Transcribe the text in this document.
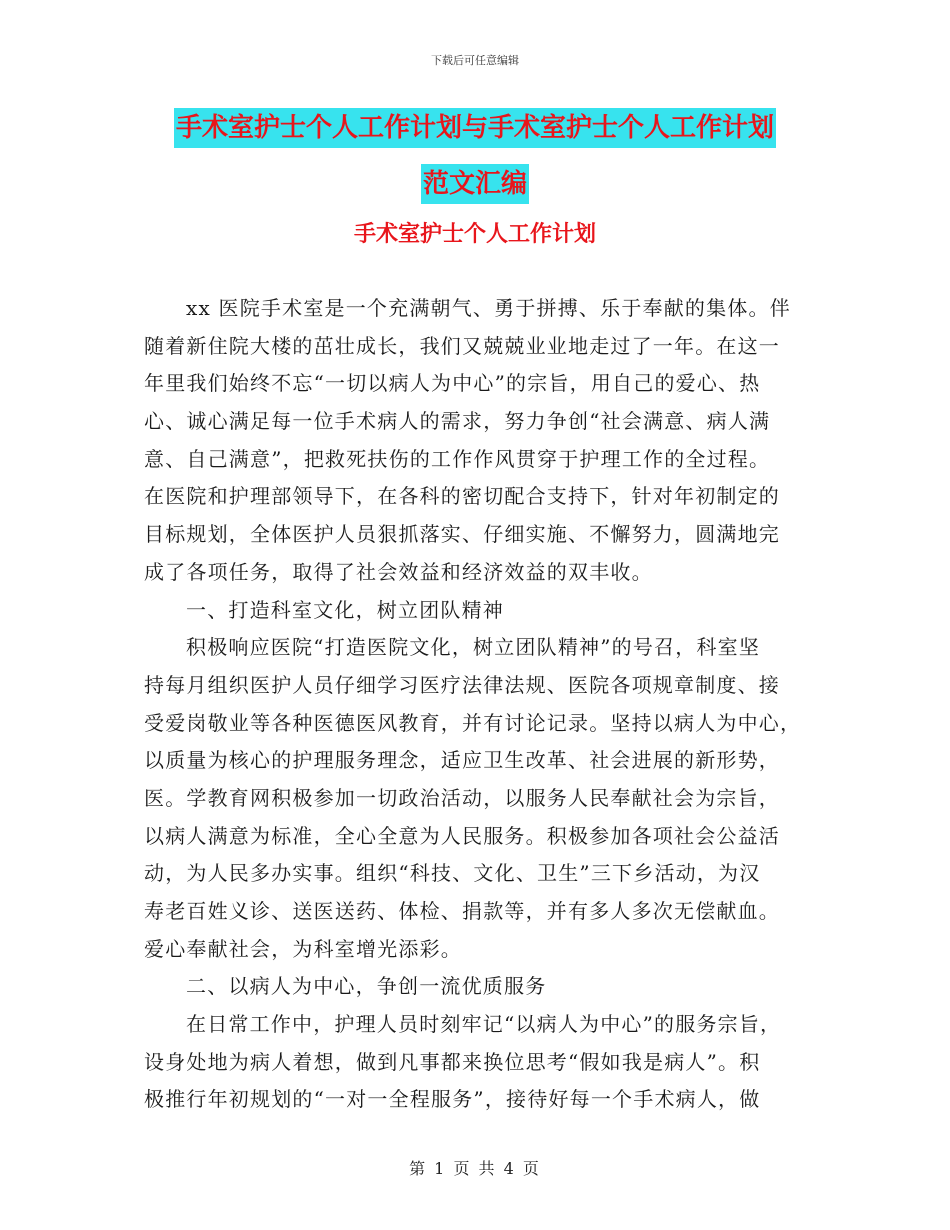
下载后可任意编辑
手术室护士个人工作计划与手术室护士个人工作计划
范文汇编
手术室护士个人工作计划
xx 医院手术室是一个充满朝气、勇于拼搏、乐于奉献的集体。伴
随着新住院大楼的茁壮成长，我们又兢兢业业地走过了一年。在这一
年里我们始终不忘“一切以病人为中心”的宗旨，用自己的爱心、热
心、诚心满足每一位手术病人的需求，努力争创“社会满意、病人满
意、自己满意”，把救死扶伤的工作作风贯穿于护理工作的全过程。
在医院和护理部领导下，在各科的密切配合支持下，针对年初制定的
目标规划，全体医护人员狠抓落实、仔细实施、不懈努力，圆满地完
成了各项任务，取得了社会效益和经济效益的双丰收。
一、打造科室文化，树立团队精神
积极响应医院“打造医院文化，树立团队精神”的号召，科室坚
持每月组织医护人员仔细学习医疗法律法规、医院各项规章制度、接
受爱岗敬业等各种医德医风教育，并有讨论记录。坚持以病人为中心，
以质量为核心的护理服务理念，适应卫生改革、社会进展的新形势，
医。学教育网积极参加一切政治活动，以服务人民奉献社会为宗旨，
以病人满意为标准，全心全意为人民服务。积极参加各项社会公益活
动，为人民多办实事。组织“科技、文化、卫生”三下乡活动，为汉
寿老百姓义诊、送医送药、体检、捐款等，并有多人多次无偿献血。
爱心奉献社会，为科室增光添彩。
二、以病人为中心，争创一流优质服务
在日常工作中，护理人员时刻牢记“以病人为中心”的服务宗旨，
设身处地为病人着想，做到凡事都来换位思考“假如我是病人”。积
极推行年初规划的“一对一全程服务”，接待好每一个手术病人，做
第 1 页 共 4 页
